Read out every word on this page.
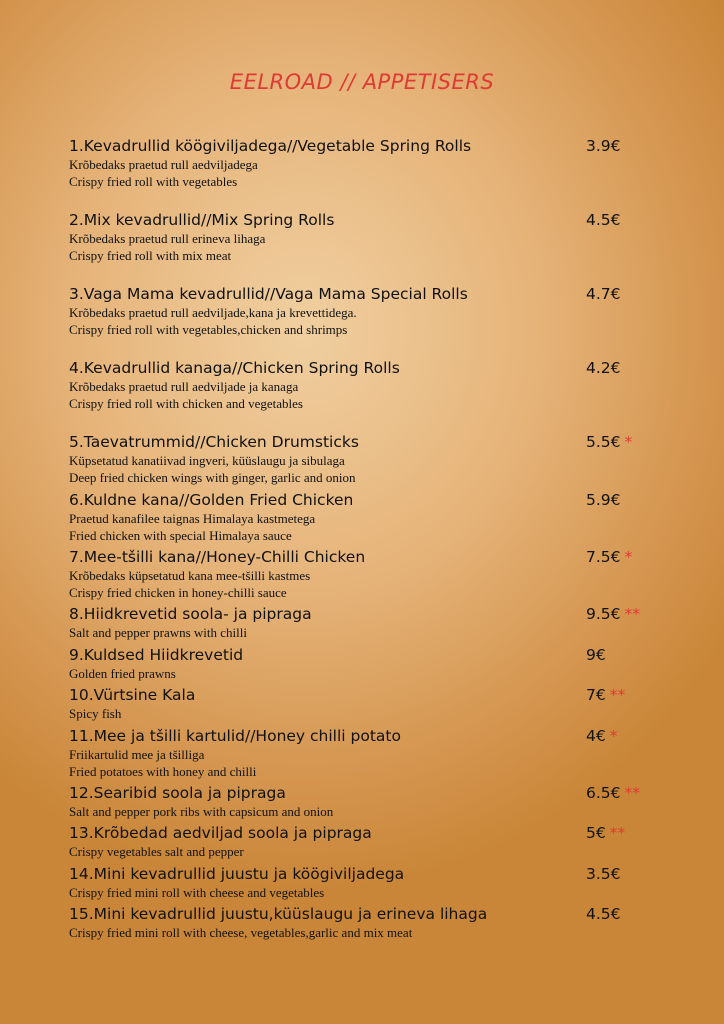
EELROAD // APPETISERS
1.Kevadrullid köögiviljadega//Vegetable Spring Rolls	3.9€
Krõbedaks praetud rull aedviljadega
Crispy fried roll with vegetables
2.Mix kevadrullid//Mix Spring Rolls	4.5€
Krõbedaks praetud rull erineva lihaga
Crispy fried roll with mix meat
3.Vaga Mama kevadrullid//Vaga Mama Special Rolls	4.7€
Krõbedaks praetud rull aedviljade,kana ja krevettidega.
Crispy fried roll with vegetables,chicken and shrimps
4.Kevadrullid kanaga//Chicken Spring Rolls	4.2€
Krõbedaks praetud rull aedviljade ja kanaga
Crispy fried roll with chicken and vegetables
5.Taevatrummid//Chicken Drumsticks	5.5€ *
Küpsetatud kanatiivad ingveri, küüslaugu ja sibulaga
Deep fried chicken wings with ginger, garlic and onion
6.Kuldne kana//Golden Fried Chicken	5.9€
Praetud kanafilee taignas Himalaya kastmetega
Fried chicken with special Himalaya sauce
7.Mee-tšilli kana//Honey-Chilli Chicken	7.5€ *
Krõbedaks küpsetatud kana mee-tšilli kastmes
Crispy fried chicken in honey-chilli sauce
8.Hiidkrevetid soola- ja pipraga	9.5€ **
Salt and pepper prawns with chilli
9.Kuldsed Hiidkrevetid	9€
Golden fried prawns
10.Vürtsine Kala	7€ **
Spicy fish
11.Mee ja tšilli kartulid//Honey chilli potato	4€ *
Friikartulid mee ja tšilliga
Fried potatoes with honey and chilli
12.Searibid soola ja pipraga	6.5€ **
Salt and pepper pork ribs with capsicum and onion
13.Krõbedad aedviljad soola ja pipraga	5€ **
Crispy vegetables salt and pepper
14.Mini kevadrullid juustu ja köögiviljadega	3.5€
Crispy fried mini roll with cheese and vegetables
15.Mini kevadrullid juustu,küüslaugu ja erineva lihaga	4.5€
Crispy fried mini roll with cheese, vegetables,garlic and mix meat
